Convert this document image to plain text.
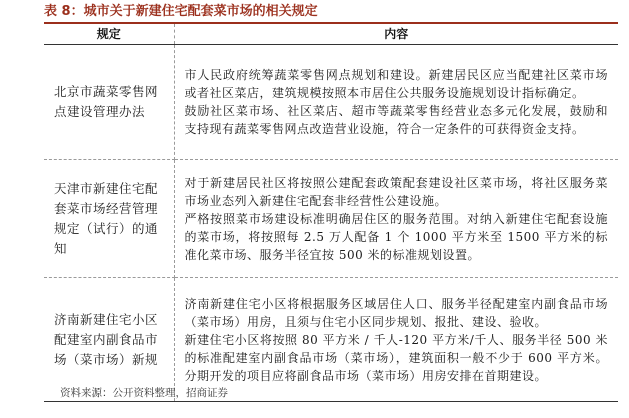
表 8：城市关于新建住宅配套菜市场的相关规定
规定	内容
北京市蔬菜零售网点建设管理办法	市人民政府统筹蔬菜零售网点规划和建设。新建居民区应当配建社区菜市场或者社区菜店，建筑规模按照本市居住公共服务设施规划设计指标确定。
鼓励社区菜市场、社区菜店、超市等蔬菜零售经营业态多元化发展，鼓励和支持现有蔬菜零售网点改造营业设施，符合一定条件的可获得资金支持。

天津市新建住宅配套菜市场经营管理规定（试行）的通知	对于新建居民社区将按照公建配套政策配套建设社区菜市场，将社区服务菜市场业态列入新建住宅配套非经营性公建设施。
严格按照菜市场建设标准明确居住区的服务范围。对纳入新建住宅配套设施的菜市场，将按照每 2.5 万人配备 1 个 1000 平方米至 1500 平方米的标准化菜市场、服务半径宜按 500 米的标准规划设置。

济南新建住宅小区配建室内副食品市场（菜市场）新规	济南新建住宅小区将根据服务区域居住人口、服务半径配建室内副食品市场（菜市场）用房，且须与住宅小区同步规划、报批、建设、验收。
新建住宅小区将按照 80 平方米 / 千人-120 平方米/千人、服务半径 500 米的标准配建室内副食品市场（菜市场），建筑面积一般不少于 600 平方米。分期开发的项目应将副食品市场（菜市场）用房安排在首期建设。
资料来源：公开资料整理，招商证券
